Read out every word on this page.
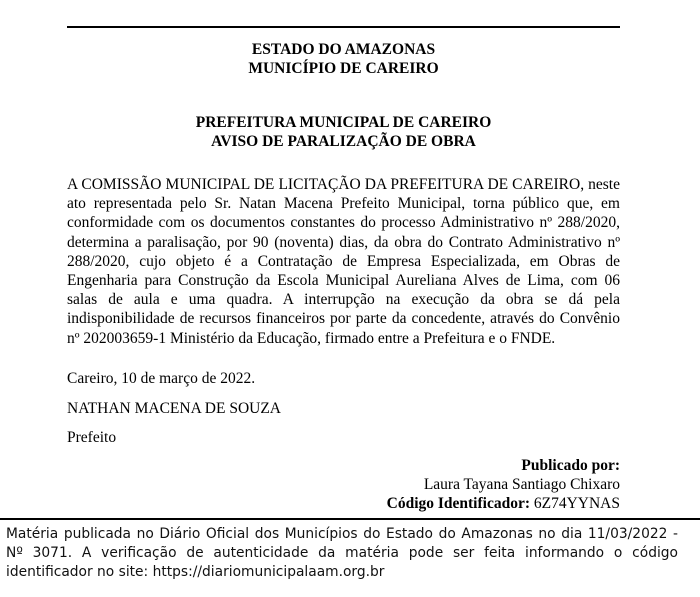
ESTADO DO AMAZONAS
MUNICÍPIO DE CAREIRO
PREFEITURA MUNICIPAL DE CAREIRO
AVISO DE PARALIZAÇÃO DE OBRA
A COMISSÃO MUNICIPAL DE LICITAÇÃO DA PREFEITURA DE CAREIRO, neste ato representada pelo Sr. Natan Macena Prefeito Municipal, torna público que, em conformidade com os documentos constantes do processo Administrativo nº 288/2020, determina a paralisação, por 90 (noventa) dias, da obra do Contrato Administrativo nº 288/2020, cujo objeto é a Contratação de Empresa Especializada, em Obras de Engenharia para Construção da Escola Municipal Aureliana Alves de Lima, com 06 salas de aula e uma quadra. A interrupção na execução da obra se dá pela indisponibilidade de recursos financeiros por parte da concedente, através do Convênio nº 202003659-1 Ministério da Educação, firmado entre a Prefeitura e o FNDE.
Careiro, 10 de março de 2022.
NATHAN MACENA DE SOUZA
Prefeito
Publicado por:
Laura Tayana Santiago Chixaro
Código Identificador: 6Z74YYNAS
Matéria publicada no Diário Oficial dos Municípios do Estado do Amazonas no dia 11/03/2022 - Nº 3071. A verificação de autenticidade da matéria pode ser feita informando o código identificador no site: https://diariomunicipalaam.org.br
